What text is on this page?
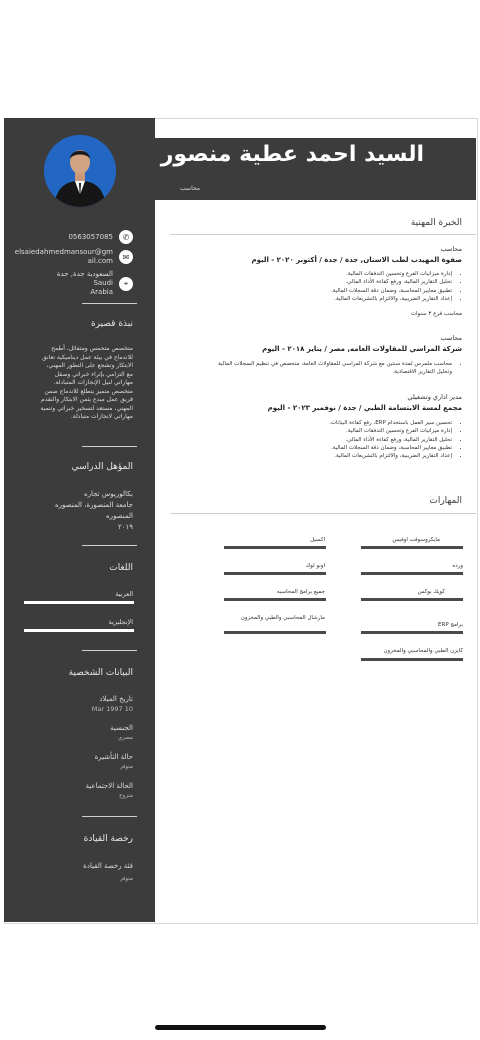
0563057085	✆
elsaiedahmedmansour@gm
ail.com	✉
السعودية جدة, جدة
Saudi
Arabia
⌖
نبذة قصيرة
متخصص متحمس ومتفائل، أطمح
للاندماج في بيئة عمل ديناميكية تعانق
الابتكار وتشجع على التطور المهني،
مع التزامي بإثراء خبراتي وصقل
مهاراتي لنيل الإنجازات المتبادلة.
متخصص متميز يتطلع للاندماج ضمن
فريق عمل مبدع يثمن الابتكار والتقدم
المهني، مستعد لتسخير خبراتي وتنمية
مهاراتي لانجازات متبادلة.
المؤهل الدراسي
بكالوريوس تجاره
جامعة المنصورة، المنصوره
المنصوره
٢٠١٩
اللغات
العربية
الإنجليزية
البيانات الشخصية
تاريخ الميلاد
10 Mar 1997
الجنسية
مصري
حالة التأشيرة
متوفر
الحالة الاجتماعية
متزوج
رخصة القيادة
فئة رخصة القيادة
متوفر
السيد احمد عطية منصور
محاسب
الخبرة المهنية
محاسب
صفوة المهيدب لطب الاسنان, جدة / جدة / أكتوبر ٢٠٢٠ - اليوم
• إدارة ميزانيات الفرع وتحسين التدفقات المالية.
• تحليل التقارير المالية، ورفع كفاءة الأداء المالي.
• تطبيق معايير المحاسبة، وضمان دقة السجلات المالية.
• إعداد التقارير الضريبية، والالتزام بالتشريعات المالية.
محاسب فرع ٣ سنوات
محاسب
شركة المراسي للمقاولات العامه, مصر / يناير ٢٠١٨ - اليوم
• محاسب ملمرس لمدة سنتين مع شركة المراسي للمقاولات العامة، متخصص في تنظيم السجلات المالية
وتحليل التقارير الاقتصادية.
مدير اداري وتشغيلي
مجمع لمسة الابتسامة الطبي / جدة / نوفمبر ٢٠٢٣ - اليوم
• تحسين سير العمل باستخدام ERP، رفع كفاءة البيانات.
• إدارة ميزانيات الفرع وتحسين التدفقات المالية.
• تحليل التقارير المالية، ورفع كفاءة الأداء المالي.
• تطبيق معايير المحاسبة، وضمان دقة السجلات المالية.
• إعداد التقارير الضريبية، والالتزام بالتشريعات المالية.
المهارات
مايكروسوفت اوفيس
اكسيل
ورده
اونو لوك
كويك بوكس
جميع برامج المحاسبه
برامج ERP
مارشال المحاسبي والطبي والمخزون
كايزن الطبي والمحاسبي والمخزون
